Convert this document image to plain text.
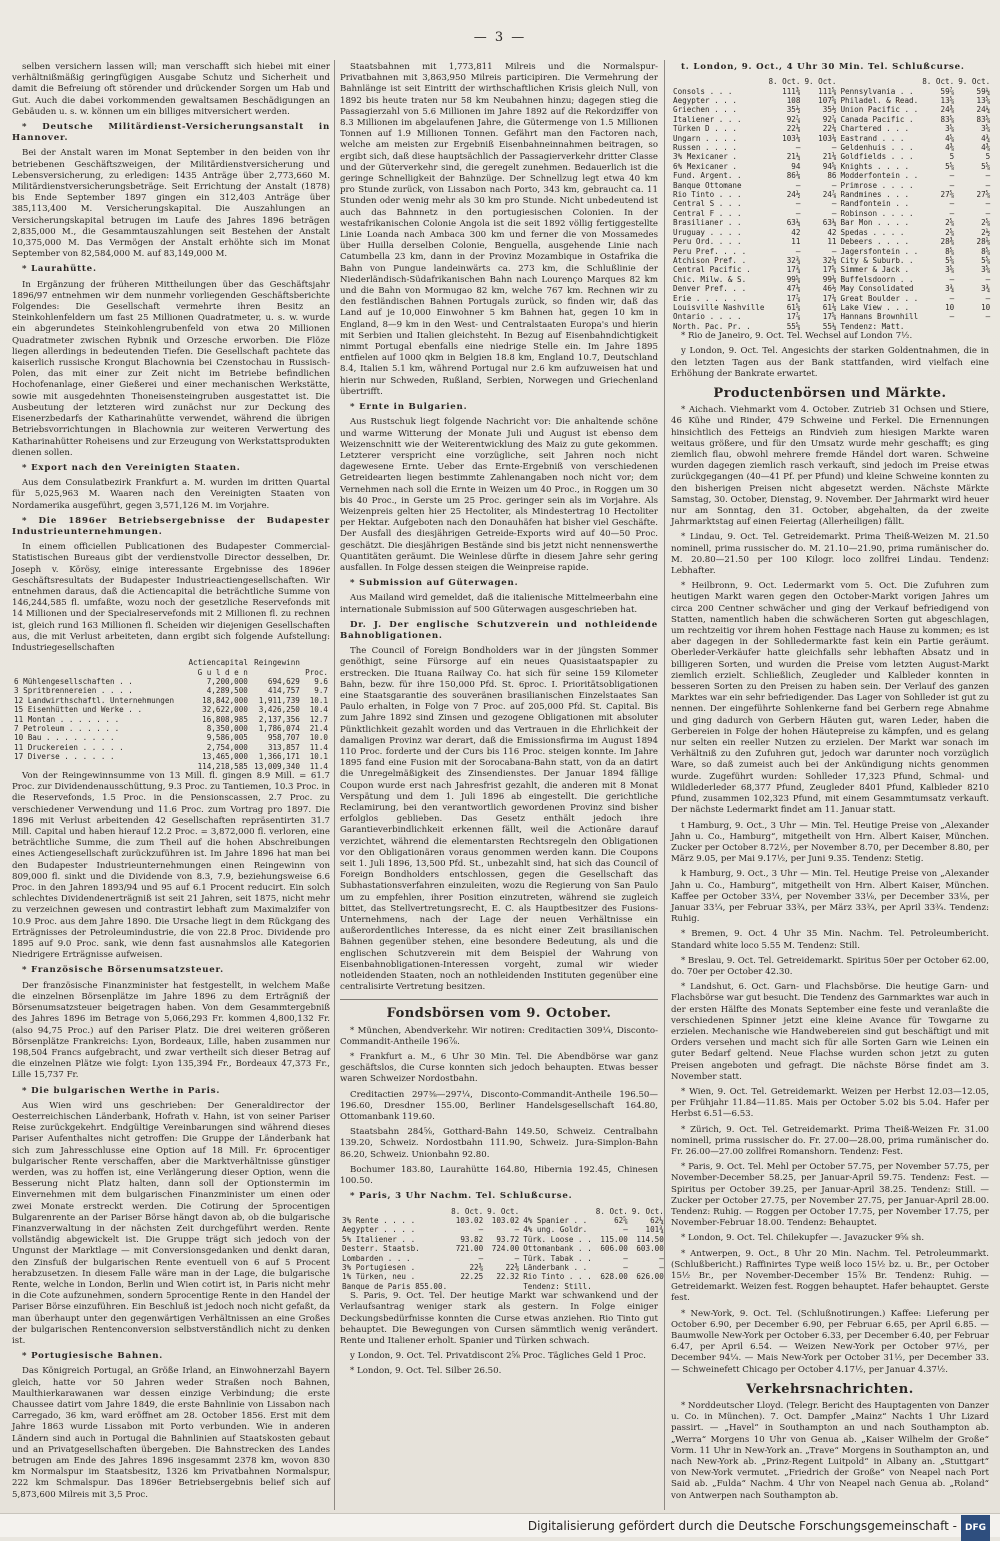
— 3 —

selben versichern lassen will; man verschafft sich hiebei mit einer verhältnißmäßig geringfügigen Ausgabe Schutz und Sicherheit und damit die Befreiung oft störender und drückender Sorgen um Hab und Gut. Auch die dabei vorkommenden gewaltsamen Beschädigungen an Gebäuden u. s. w. können um ein billiges mitversichert werden.

* Deutsche Militärdienst-Versicherungsanstalt in Hannover.

Bei der Anstalt waren im Monat September in den beiden von ihr betriebenen Geschäftszweigen, der Militärdienstversicherung und Lebensversicherung, zu erledigen: 1435 Anträge über 2,773,660 M. Militärdienstversicherungsbeträge. Seit Errichtung der Anstalt (1878) bis Ende September 1897 gingen ein 312,403 Anträge über 385,113,400 M. Versicherungskapital. Die Auszahlungen an Versicherungskapital betrugen im Laufe des Jahres 1896 beträgen 2,835,000 M., die Gesammtauszahlungen seit Bestehen der Anstalt 10,375,000 M. Das Vermögen der Anstalt erhöhte sich im Monat September von 82,584,000 M. auf 83,149,000 M.

* Laurahütte.

In Ergänzung der früheren Mittheilungen über das Geschäftsjahr 1896/97 entnehmen wir dem nunmehr vorliegenden Geschäftsberichte Folgendes: Die Gesellschaft vermehrte ihren Besitz an Steinkohlenfeldern um fast 25 Millionen Quadratmeter, u. s. w. wurde ein abgerundetes Steinkohlengrubenfeld von etwa 20 Millionen Quadratmeter zwischen Rybnik und Orzesche erworben. Die Flöze liegen allerdings in bedeutenden Tiefen. Die Gesellschaft pachtete das kaiserlich russische Krongut Blachownia bei Czenstochau in Russisch-Polen, das mit einer zur Zeit nicht im Betriebe befindlichen Hochofenanlage, einer Gießerei und einer mechanischen Werkstätte, sowie mit ausgedehnten Thoneisensteingruben ausgestattet ist. Die Ausbeutung der letzteren wird zunächst nur zur Deckung des Eisenerzbedarfs der Katharinahütte verwendet, während die übrigen Betriebsvorrichtungen in Blachownia zur weiteren Verwertung des Katharinahütter Roheisens und zur Erzeugung von Werkstattsprodukten dienen sollen.

* Export nach den Vereinigten Staaten.

Aus dem Consulatbezirk Frankfurt a. M. wurden im dritten Quartal für 5,025,963 M. Waaren nach den Vereinigten Staaten von Nordamerika ausgeführt, gegen 3,571,126 M. im Vorjahre.

* Die 1896er Betriebsergebnisse der Budapester Industrieunternehmungen.

In einem officiellen Publicationen des Budapester Commercial-Statistischen Bureaus gibt der verdienstvolle Director desselben, Dr. Joseph v. Körösy, einige interessante Ergebnisse des 1896er Geschäftsresultats der Budapester Industrieactiengesellschaften. Wir entnehmen daraus, daß die Actiencapital die beträchtliche Summe von 146,244,585 fl. umfaßte, wozu noch der gesetzliche Reservefonds mit 14 Millionen und der Specialreservefonds mit 2 Millionen fl. zu rechnen ist, gleich rund 163 Millionen fl. Scheiden wir diejenigen Gesellschaften aus, die mit Verlust arbeiteten, dann ergibt sich folgende Aufstellung: Industriegesellschaften

	Actiencapital	Reingewinn	
	G u l d e n		Proc.
6 Mühlengesellschaften . .	7,200,000	694,629	9.6
3 Spritbrennereien . . . .	4,289,500	414,757	9.7
12 Landwirthschaftl. Unternehmungen	18,842,000	1,911,739	10.1
15 Eisenhütten und Werke . .	32,622,000	3,426,250	10.4
11 Montan . . . . . . .	16,808,985	2,137,356	12.7
7 Petroleum . . . . . .	8,350,000	1,786,074	21.4
10 Bau . . . . . . . .	9,586,005	958,707	10.0
11 Druckereien . . . . .	2,754,000	313,857	11.4
17 Diverse . . . . . .	13,465,000	1,366,171	10.1
	114,218,585	13,009,340	11.4

Von der Reingewinnsumme von 13 Mill. fl. gingen 8.9 Mill. = 61.7 Proc. zur Dividendenausschüttung, 9.3 Proc. zu Tantiemen, 10.3 Proc. in die Reservefonds, 1.5 Proc. in die Pensionscassen, 2.7 Proc. zu verschiedener Verwendung und 11.6 Proc. zum Vortrag pro 1897. Die 1896 mit Verlust arbeitenden 42 Gesellschaften repräsentirten 31.7 Mill. Capital und haben hierauf 12.2 Proc. = 3,872,000 fl. verloren, eine beträchtliche Summe, die zum Theil auf die hohen Abschreibungen eines Actiengesellschaft zurückzuführen ist. Im Jahre 1896 hat man bei den Budapester Industrieunternehmungen einen Reingewinn von 809,000 fl. sinkt und die Dividende von 8.3, 7.9, beziehungsweise 6.6 Proc. in den Jahren 1893/94 und 95 auf 6.1 Procent reducirt. Ein solch schlechtes Dividendenerträgniß ist seit 21 Jahren, seit 1875, nicht mehr zu verzeichnen gewesen und contrastirt lebhaft zum Maximalzifer von 10.9 Proc. aus dem Jahre 1890. Die Ursache liegt in dem Rückgang des Erträgnisses der Petroleumindustrie, die von 22.8 Proc. Dividende pro 1895 auf 9.0 Proc. sank, wie denn fast ausnahmslos alle Kategorien Niedrigere Erträgnisse aufweisen.

* Französische Börsenumsatzsteuer.

Der französische Finanzminister hat festgestellt, in welchem Maße die einzelnen Börsenplätze im Jahre 1896 zu dem Erträgniß der Börsenumsatzsteuer beigetragen haben. Von dem Gesammtergebniß des Jahres 1896 im Betrage von 5,066,293 Fr. kommen 4,800,132 Fr. (also 94,75 Proc.) auf den Pariser Platz. Die drei weiteren größeren Börsenplätze Frankreichs: Lyon, Bordeaux, Lille, haben zusammen nur 198,504 Francs aufgebracht, und zwar vertheilt sich dieser Betrag auf die einzelnen Plätze wie folgt: Lyon 135,394 Fr., Bordeaux 47,373 Fr., Lille 15,737 Fr.

* Die bulgarischen Werthe in Paris.

Aus Wien wird uns geschrieben: Der Generaldirector der Oesterreichischen Länderbank, Hofrath v. Hahn, ist von seiner Pariser Reise zurückgekehrt. Endgültige Vereinbarungen sind während dieses Pariser Aufenthaltes nicht getroffen: Die Gruppe der Länderbank hat sich zum Jahresschlusse eine Option auf 18 Mill. Fr. 6procentiger bulgarischer Rente verschaffen, aber die Marktverhältnisse günstiger werden, was zu hoffen ist, eine Verlängerung dieser Option, wenn die Besserung nicht Platz halten, dann soll der Optionstermin im Einvernehmen mit dem bulgarischen Finanzminister um einen oder zwei Monate erstreckt werden. Die Cotirung der 5procentigen Bulgarenrente an der Pariser Börse hängt davon ab, ob die bulgarische Finanzverwaltung in der nächsten Zeit durchgeführt werden. Rente vollständig abgewickelt ist. Die Gruppe trägt sich jedoch von der Ungunst der Marktlage — mit Conversionsgedanken und denkt daran, den Zinsfuß der bulgarischen Rente eventuell von 6 auf 5 Procent herabzusetzen. In diesem Falle wäre man in der Lage, die bulgarische Rente, welche in London, Berlin und Wien cotirt ist, in Paris nicht mehr in die Cote aufzunehmen, sondern 5procentige Rente in den Handel der Pariser Börse einzuführen. Ein Beschluß ist jedoch noch nicht gefaßt, da man überhaupt unter den gegenwärtigen Verhältnissen an eine Großes der bulgarischen Rentenconversion selbstverständlich nicht zu denken ist.

* Portugiesische Bahnen.

Das Königreich Portugal, an Größe Irland, an Einwohnerzahl Bayern gleich, hatte vor 50 Jahren weder Straßen noch Bahnen, Maulthierkarawanen war dessen einzige Verbindung; die erste Chaussee datirt vom Jahre 1849, die erste Bahnlinie von Lissabon nach Carregado, 36 km, ward eröffnet am 28. October 1856. Erst mit dem Jahre 1863 wurde Lissabon mit Porto verbunden. Wie in anderen Ländern sind auch in Portugal die Bahnlinien auf Staatskosten gebaut und an Privatgesellschaften übergeben. Die Bahnstrecken des Landes betrugen am Ende des Jahres 1896 insgesammt 2378 km, wovon 830 km Normalspur im Staatsbesitz, 1326 km Privatbahnen Normalspur, 222 km Schmalspur. Das 1896er Betriebsergebnis belief sich auf 5,873,600 Milreis mit 3,5 Proc.

Staatsbahnen mit 1,773,811 Milreis und die Normalspur-Privatbahnen mit 3,863,950 Milreis participiren. Die Vermehrung der Bahnlänge ist seit Eintritt der wirthschaftlichen Krisis gleich Null, von 1892 bis heute traten nur 58 km Neubahnen hinzu; dagegen stieg die Passagierzahl von 5.6 Millionen im Jahre 1892 auf die Rekordziffer von 8.3 Millionen im abgelaufenen Jahre, die Gütermenge von 1.5 Millionen Tonnen auf 1.9 Millionen Tonnen. Gefährt man den Factoren nach, welche am meisten zur Ergebniß Eisenbahneinnahmen beitragen, so ergibt sich, daß diese hauptsächlich der Passagierverkehr dritter Classe und der Güterverkehr sind, die geregelt zunehmen. Bedauerlich ist die geringe Schnelligkeit der Bahnzüge. Der Schnellzug legt etwa 40 km pro Stunde zurück, von Lissabon nach Porto, 343 km, gebraucht ca. 11 Stunden oder wenig mehr als 30 km pro Stunde. Nicht unbedeutend ist auch das Bahnnetz in den portugiesischen Colonien. In der westafrikanischen Colonie Angola ist die seit 1892 völlig fertiggestellte Linie Loanda nach Ambaca 300 km und ferner die von Mossamedes über Huilla derselben Colonie, Benguella, ausgehende Linie nach Catumbella 23 km, dann in der Provinz Mozambique in Ostafrika die Bahn von Pungue landeinwärts ca. 273 km, die Schlußlinie der Niederländisch-Südafrikanischen Bahn nach Lourenço Marques 82 km und die Bahn von Mormugao 82 km, welche 767 km. Rechnen wir zu den festländischen Bahnen Portugals zurück, so finden wir, daß das Land auf je 10,000 Einwohner 5 km Bahnen hat, gegen 10 km in England, 8—9 km in den West- und Centralstaaten Europa's und hierin mit Serbien und Italien gleichsteht. In Bezug auf Eisenbahndichtigkeit nimmt Portugal ebenfalls eine niedrige Stelle ein. Im Jahre 1895 entfielen auf 1000 qkm in Belgien 18.8 km, England 10.7, Deutschland 8.4, Italien 5.1 km, während Portugal nur 2.6 km aufzuweisen hat und hierin nur Schweden, Rußland, Serbien, Norwegen und Griechenland übertrifft.

* Ernte in Bulgarien.

Aus Rustschuk liegt folgende Nachricht vor: Die anhaltende schöne und warme Witterung der Monate Juli und August ist ebenso dem Weizenschnitt wie der Weiterentwicklung des Maiz zu gute gekommen. Letzterer verspricht eine vorzügliche, seit Jahren noch nicht dagewesene Ernte. Ueber das Ernte-Ergebniß von verschiedenen Getreidearten liegen bestimmte Zahlenangaben noch nicht vor; dem Vernehmen nach soll die Ernte in Weizen um 40 Proc., in Roggen um 30 bis 40 Proc., in Gerste um 25 Proc. geringer sein als im Vorjahre. Als Weizenpreis gelten hier 25 Hectoliter, als Mindestertrag 10 Hectoliter per Hektar. Aufgeboten nach den Donauhäfen hat bisher viel Geschäfte. Der Ausfall des diesjährigen Getreide-Exports wird auf 40—50 Proc. geschätzt. Die diesjährigen Bestände sind bis jetzt nicht nennenswerthe Quantitäten geräumt. Die Weinlese dürfte in diesem Jahre sehr gering ausfallen. In Folge dessen steigen die Weinpreise rapide.

* Submission auf Güterwagen.

Aus Mailand wird gemeldet, daß die italienische Mittelmeerbahn eine internationale Submission auf 500 Güterwagen ausgeschrieben hat.

Dr. J. Der englische Schutzverein und nothleidende Bahnobligationen.

The Council of Foreign Bondholders war in der jüngsten Sommer genöthigt, seine Fürsorge auf ein neues Quasistaatspapier zu erstrecken. Die Ituana Railway Co. hat sich für seine 159 Kilometer Bahn, bezw. für ihre 150,000 Pfd. St. 6proc. I. Prioritätsobligationen eine Staatsgarantie des souveränen brasilianischen Einzelstaates San Paulo erhalten, in Folge von 7 Proc. auf 205,000 Pfd. St. Capital. Bis zum Jahre 1892 sind Zinsen und gezogene Obligationen mit absoluter Pünktlichkeit gezahlt worden und das Vertrauen in die Ehrlichkeit der damaligen Provinz war derart, daß die Emissionsfirma im August 1894 110 Proc. forderte und der Curs bis 116 Proc. steigen konnte. Im Jahre 1895 fand eine Fusion mit der Sorocabana-Bahn statt, von da an datirt die Unregelmäßigkeit des Zinsendienstes. Der Januar 1894 fällige Coupon wurde erst nach Jahresfrist gezahlt, die anderen mit 8 Monat Verspätung und dem 1. Juli 1896 ab eingestellt. Die gerichtliche Reclamirung, bei den verantwortlich gewordenen Provinz sind bisher erfolglos geblieben. Das Gesetz enthält jedoch ihre Garantieverbindlichkeit erkennen fällt, weil die Actionäre darauf verzichtet, während die elementarsten Rechtsregeln den Obligationen vor den Obligationären voraus genommen werden kann. Die Coupons seit 1. Juli 1896, 13,500 Pfd. St., unbezahlt sind, hat sich das Council of Foreign Bondholders entschlossen, gegen die Gesellschaft das Subhastationsverfahren einzuleiten, wozu die Regierung von San Paulo um zu empfehlen, ihrer Position einzutreten, während sie zugleich bittet, das Stellvertretungsrecht, E. C. als Hauptbesitzer des Fusions-Unternehmens, nach der Lage der neuen Verhältnisse ein außerordentliches Interesse, da es nicht einer Zeit brasilianischen Bahnen gegenüber stehen, eine besondere Bedeutung, als und die englischen Schutzverein mit dem Beispiel der Wahrung von Eisenbahnobligationen-Interessen vorgeht, zumal wir wieder notleidenden Staaten, noch an nothleidenden Instituten gegenüber eine centralisirte Vertretung besitzen.

Fondsbörsen vom 9. October.

* München, Abendverkehr. Wir notiren: Creditactien 309¼, Disconto-Commandit-Antheile 196⅞.

* Frankfurt a. M., 6 Uhr 30 Min. Tel. Die Abendbörse war ganz geschäftslos, die Curse konnten sich jedoch behaupten. Etwas besser waren Schweizer Nordostbahn.

Creditactien 297⅜—297¼, Disconto-Commandit-Antheile 196.50—196.60, Dresdner 155.00, Berliner Handelsgesellschaft 164.80, Ottomanbank 119.60.

Staatsbahn 284⅝, Gotthard-Bahn 149.50, Schweiz. Centralbahn 139.20, Schweiz. Nordostbahn 111.90, Schweiz. Jura-Simplon-Bahn 86.20, Schweiz. Unionbahn 92.80.

Bochumer 183.80, Laurahütte 164.80, Hibernia 192.45, Chinesen 100.50.

* Paris, 3 Uhr Nachm. Tel. Schlußcurse.

	8. Oct.	9. Oct.		8. Oct.	9. Oct.
3% Rente . . . .	103.02	103.02	4% Spanier . .	62⅝	62¼
Aegypter . . . .	—	—	4% ung. Goldr.	—	101¾
5% Italiener . .	93.82	93.72	Türk. Loose . .	115.00	114.50
Desterr. Staatsb.	721.00	724.00	Ottomanbank . .	606.00	603.00
Lombarden . . .	—	—	Türk. Tabak . .	—	—
3% Portugiesen .	22⅜	22⅜	Länderbank . .	—	—
1% Türken, neu .	22.25	22.32	Rio Tinto . . .	628.00	626.00
Banque de Paris 855.00.			Tendenz: Still.		

S. Paris, 9. Oct. Tel. Der heutige Markt war schwankend und der Verlaufsantrag weniger stark als gestern. In Folge einiger Deckungsbedürfnisse konnten die Curse etwas anziehen. Rio Tinto gut behauptet. Die Bewegungen von Cursen sämmtlich wenig verändert. Rente und Italiener erholt. Spanier und Türken schwach.

y London, 9. Oct. Tel. Privatdiscont 2⅝ Proc. Tägliches Geld 1 Proc.

* London, 9. Oct. Tel. Silber 26.50.

t. London, 9. Oct., 4 Uhr 30 Min. Tel. Schlußcurse.

	8. Oct.	9. Oct.		8. Oct.	9. Oct.
Consols . . .	111⅜	111⅝	Pennsylvania . .	59⅞	59¼
Aegypter . . .	108	107⅝	Philadel. & Read.	13⅝	13⅝
Griechen . . .	35½	35½	Union Pacific . .	24⅜	24¼
Italiener . . .	92⅞	92⅞	Canada Pacific .	83⅝	83⅝
Türken D . . .	22⅛	22⅛	Chartered . . .	3⅝	3⅝
Ungarn . . . .	103⅛	103⅛	Eastrand . . .	4⅝	4¾
Russen . . . .	—	—	Geldenhuis . . .	4⅜	4⅜
3% Mexicaner .	21¼	21⅛	Goldfields . . .	5	5
6% Mexicaner .	94	94⅝	Knights . . . .	5⅝	5⅝
Fund. Argent. .	86⅛	86	Modderfontein . .	—	—
Banque Ottomane	—	—	Primrose . . . .	—	—
Rio Tinto . . .	24½	24⅞	Randmines . . .	27⅝	27⅝
Central S . . .	—	—	Randfontein . .	—	—
Central F . . .	—	—	Robinson . . . .	—	—
Brasilianer . .	63¼	63¼	Bar Mon . . . .	2⅝	2⅝
Uruguay . . . .	42	42	Spedas . . . .	2⅝	2½
Peru Ord. . . .	11	11	Debeers . . . .	28⅜	28⅛
Peru Pref. . . .	—	—	Jagersfontein . .	8⅝	8⅝
Atchison Pref. .	32¾	32⅛	City & Suburb. .	5⅝	5⅝
Central Pacific .	17¾	17⅝	Simmer & Jack .	3⅝	3⅝
Chic. Milw. & S.	99⅝	99⅛	Buffelsdoorn . .	—	—
Denver Pref. . .	47⅛	46½	May Consolidated	3¾	3¾
Erie . . . . .	17⅞	17⅛	Great Boulder . .	—	—
Louisville Nashville	61⅝	61⅛	Lake View . . .	10	10
Ontario . . . .	17⅞	17⅝	Hannans Brownhill	—	—
North. Pac. Pr. .	55⅝	55¼	Tendenz: Matt.		

* Rio de Janeiro, 9. Oct. Tel. Wechsel auf London 7½.

y London, 9. Oct. Tel. Angesichts der starken Goldentnahmen, die in den letzten Tagen aus der Bank stattfanden, wird vielfach eine Erhöhung der Bankrate erwartet.

Productenbörsen und Märkte.

* Aichach. Viehmarkt vom 4. October. Zutrieb 31 Ochsen und Stiere, 46 Kühe und Rinder, 479 Schweine und Ferkel. Die Ernennungen hinsichtlich des Fetteigs an Rindvieh zum hiesigen Markte waren weitaus größere, und für den Umsatz wurde mehr geschafft; es ging ziemlich flau, obwohl mehrere fremde Händel dort waren. Schweine wurden dagegen ziemlich rasch verkauft, sind jedoch im Preise etwas zurückgegangen (40—41 Pf. per Pfund) und kleine Schweine konnten zu den bisherigen Preisen nicht abgesetzt werden. Nächste Märkte Samstag, 30. October, Dienstag, 9. November. Der Jahrmarkt wird heuer nur am Sonntag, den 31. October, abgehalten, da der zweite Jahrmarktstag auf einen Feiertag (Allerheiligen) fällt.

* Lindau, 9. Oct. Tel. Getreidemarkt. Prima Theiß-Weizen M. 21.50 nominell, prima russischer do. M. 21.10—21.90, prima rumänischer do. M. 20.80—21.50 per 100 Kilogr. loco zollfrei Lindau. Tendenz: Lebhafter.

* Heilbronn, 9. Oct. Ledermarkt vom 5. Oct. Die Zufuhren zum heutigen Markt waren gegen den October-Markt vorigen Jahres um circa 200 Centner schwächer und ging der Verkauf befriedigend von Statten, namentlich haben die schwächeren Sorten gut abgeschlagen, um rechtzeitig vor ihrem hohen Festtage nach Hause zu kommen; es ist aber dagegen in der Sohlledermarkte fast kein ein Partie geräumt. Oberleder-Verkäufer hatte gleichfalls sehr lebhaften Absatz und in billigeren Sorten, und wurden die Preise vom letzten August-Markt ziemlich erzielt. Schließlich, Zeugleder und Kalbleder konnten in besseren Sorten zu den Preisen zu haben sein. Der Verlauf des ganzen Marktes war ein sehr befriedigender. Das Lager von Sohlleder ist gut zu nennen. Der eingeführte Sohlenkerne fand bei Gerbern rege Abnahme und ging dadurch von Gerbern Häuten gut, waren Leder, haben die Gerbereien in Folge der hohen Häutepreise zu kämpfen, und es gelang nur selten ein reeller Nutzen zu erzielen. Der Markt war sonach im Verhältniß zu den Zufuhren gut, jedoch war darunter noch vorzüglich Ware, so daß zumeist auch bei der Ankündigung nichts genommen wurde. Zugeführt wurden: Sohlleder 17,323 Pfund, Schmal- und Wildlederleder 68,377 Pfund, Zeugleder 8401 Pfund, Kalbleder 8210 Pfund, zusammen 102,323 Pfund, mit einem Gesammtumsatz verkauft. Der nächste Ledermarkt findet am 11. Januar statt.

t Hamburg, 9. Oct., 3 Uhr — Min. Tel. Heutige Preise von „Alexander Jahn u. Co., Hamburg“, mitgetheilt von Hrn. Albert Kaiser, München. Zucker per October 8.72½, per November 8.70, per December 8.80, per März 9.05, per Mai 9.17½, per Juni 9.35. Tendenz: Stetig.

k Hamburg, 9. Oct., 3 Uhr — Min. Tel. Heutige Preise von „Alexander Jahn u. Co., Hamburg“, mitgetheilt von Hrn. Albert Kaiser, München. Kaffee per October 33¼, per November 33⅛, per December 33⅛, per Januar 33¼, per Februar 33¾, per März 33¾, per April 33¾. Tendenz: Ruhig.

* Bremen, 9. Oct. 4 Uhr 35 Min. Nachm. Tel. Petroleumbericht. Standard white loco 5.55 M. Tendenz: Still.

* Breslau, 9. Oct. Tel. Getreidemarkt. Spiritus 50er per October 62.00, do. 70er per October 42.30.

* Landshut, 6. Oct. Garn- und Flachsbörse. Die heutige Garn- und Flachsbörse war gut besucht. Die Tendenz des Garnmarktes war auch in der ersten Hälfte des Monats September eine feste und veranlaßte die verschiedenen Spinner jetzt eine kleine Avance für Towgarne zu erzielen. Mechanische wie Handwebereien sind gut beschäftigt und mit Orders versehen und macht sich für alle Sorten Garn wie Leinen ein guter Bedarf geltend. Neue Flachse wurden schon jetzt zu guten Preisen angeboten und gefragt. Die nächste Börse findet am 3. November statt.

* Wien, 9. Oct. Tel. Getreidemarkt. Weizen per Herbst 12.03—12.05, per Frühjahr 11.84—11.85. Mais per October 5.02 bis 5.04. Hafer per Herbst 6.51—6.53.

* Zürich, 9. Oct. Tel. Getreidemarkt. Prima Theiß-Weizen Fr. 31.00 nominell, prima russischer do. Fr. 27.00—28.00, prima rumänischer do. Fr. 26.00—27.00 zollfrei Romanshorn. Tendenz: Fest.

* Paris, 9. Oct. Tel. Mehl per October 57.75, per November 57.75, per November-December 58.25, per Januar-April 59.75. Tendenz: Fest. — Spiritus per October 39.25, per Januar-April 38.25. Tendenz: Still. — Zucker per October 27.75, per November 27.75, per Januar-April 28.00. Tendenz: Ruhig. — Roggen per October 17.75, per November 17.75, per November-Februar 18.00. Tendenz: Behauptet.

* London, 9. Oct. Tel. Chilekupfer —. Javazucker 9⅝ sh.

* Antwerpen, 9. Oct., 8 Uhr 20 Min. Nachm. Tel. Petroleummarkt. (Schlußbericht.) Raffinirtes Type weiß loco 15½ bz. u. Br., per October 15½ Br., per November-December 15⅞ Br. Tendenz: Ruhig. — Getreidemarkt. Weizen fest. Roggen behauptet. Hafer behauptet. Gerste fest.

* New-York, 9. Oct. Tel. (Schlußnotirungen.) Kaffee: Lieferung per October 6.90, per December 6.90, per Februar 6.65, per April 6.85. — Baumwolle New-York per October 6.33, per December 6.40, per Februar 6.47, per April 6.54. — Weizen New-York per October 97½, per December 94¼. — Mais New-York per October 31½, per December 33. — Schweinefett Chicago per October 4.17½, per Januar 4.37½.

Verkehrsnachrichten.

* Norddeutscher Lloyd. (Telegr. Bericht des Hauptagenten von Danzer u. Co. in München). 7. Oct. Dampfer „Mainz“ Nachts 1 Uhr Lizard passirt. — „Havel“ in Southampton an und nach Southampton ab. „Werra“ Morgens 10 Uhr von Genua ab. „Kaiser Wilhelm der Große“ Vorm. 11 Uhr in New-York an. „Trave“ Morgens in Southampton an, und nach New-York ab. „Prinz-Regent Luitpold“ in Albany an. „Stuttgart“ von New-York vermutet. „Friedrich der Große“ von Neapel nach Port Said ab. „Fulda“ Nachm. 4 Uhr von Neapel nach Genua ab. „Roland“ von Antwerpen nach Southampton ab.

Digitalisierung gefördert durch die Deutsche Forschungsgemeinschaft - DFG
